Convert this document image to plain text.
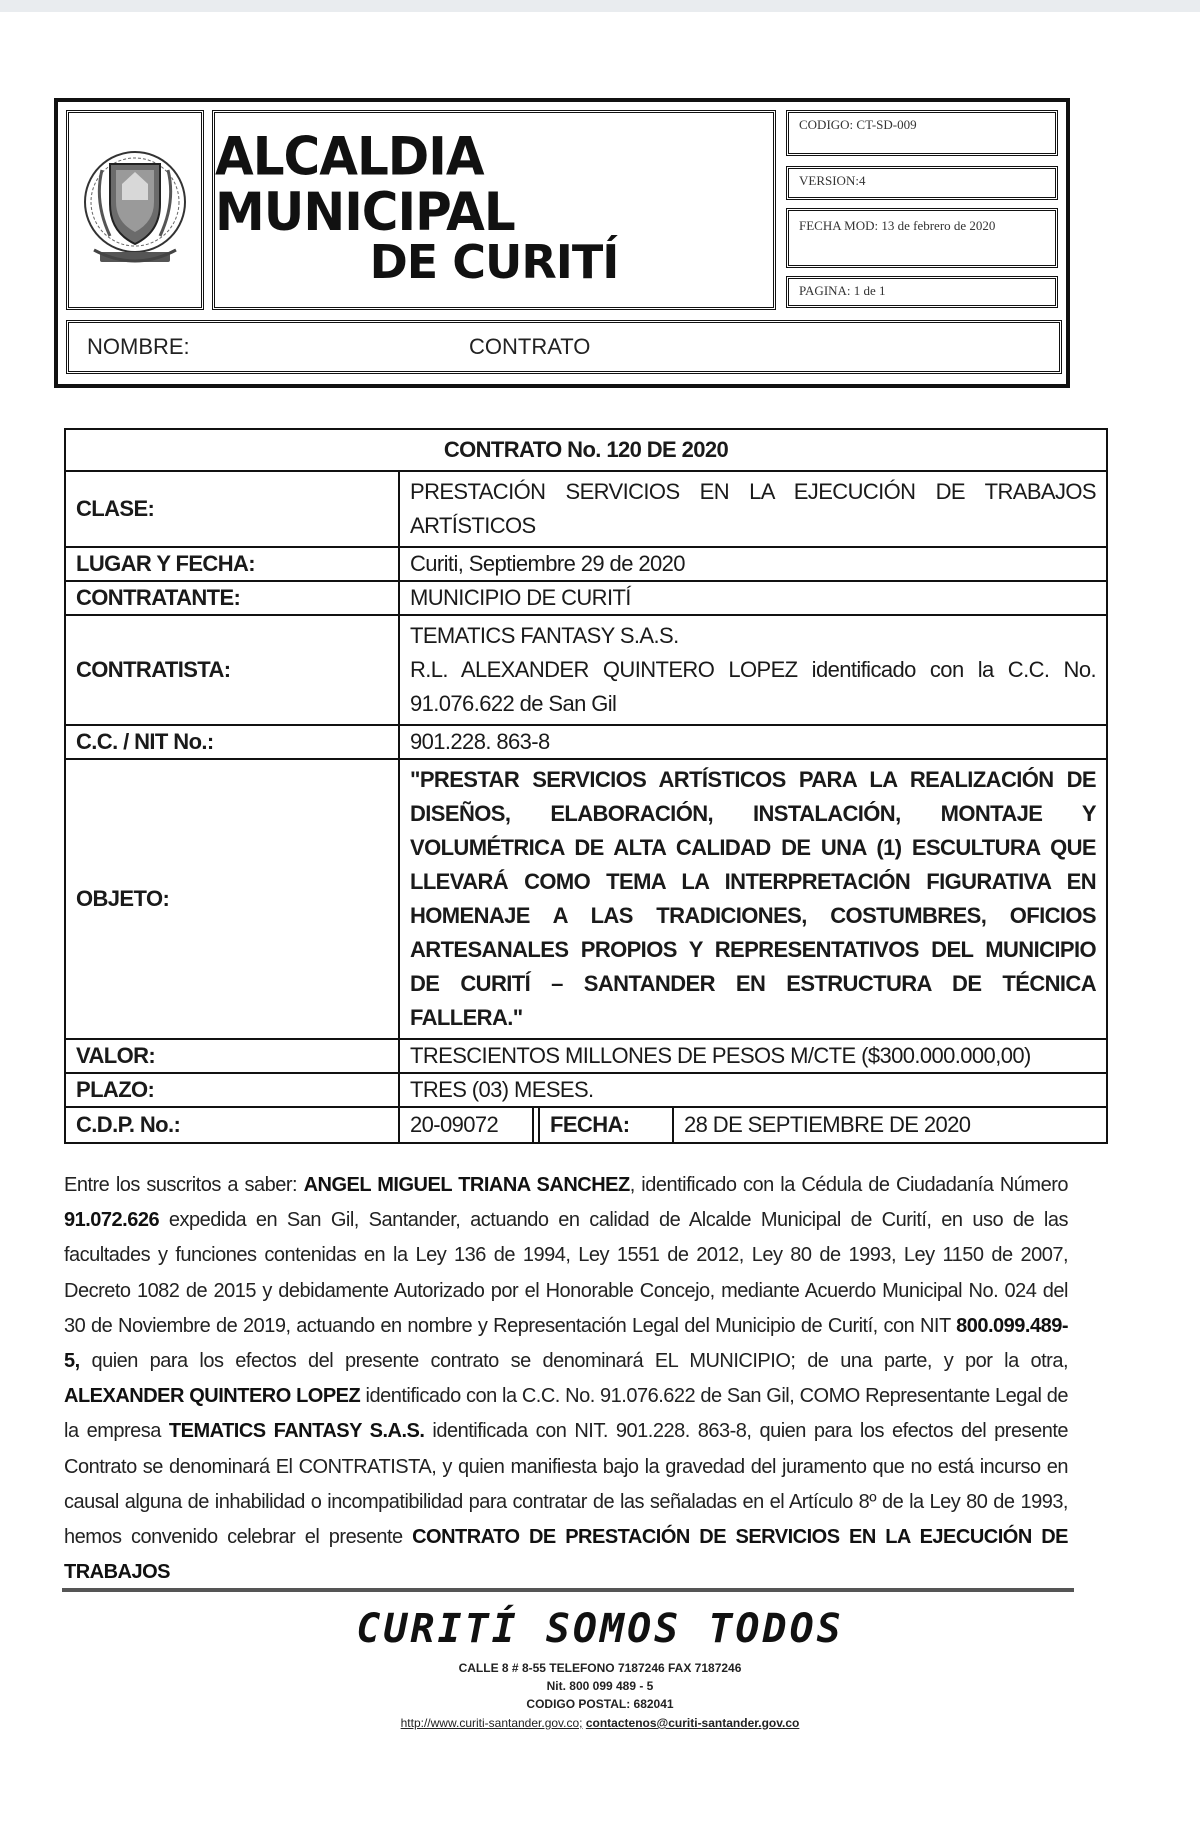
ALCALDIA MUNICIPAL
DE CURITÍ
CODIGO: CT-SD-009
VERSION:4
FECHA MOD: 13 de febrero de 2020
PAGINA: 1 de 1
NOMBRE:	CONTRATO
CONTRATO No. 120 DE 2020	
CLASE:	PRESTACIÓN SERVICIOS EN LA EJECUCIÓN DE TRABAJOS ARTÍSTICOS
LUGAR Y FECHA:	Curiti, Septiembre 29 de 2020
CONTRATANTE:	MUNICIPIO DE CURITÍ
CONTRATISTA:	TEMATICS FANTASY S.A.S.
R.L. ALEXANDER QUINTERO LOPEZ identificado con la C.C. No. 91.076.622 de San Gil

C.C. / NIT No.:	901.228. 863-8
OBJETO:	"PRESTAR SERVICIOS ARTÍSTICOS PARA LA REALIZACIÓN DE DISEÑOS, ELABORACIÓN, INSTALACIÓN, MONTAJE Y VOLUMÉTRICA DE ALTA CALIDAD DE UNA (1) ESCULTURA QUE LLEVARÁ COMO TEMA LA INTERPRETACIÓN FIGURATIVA EN HOMENAJE A LAS TRADICIONES, COSTUMBRES, OFICIOS ARTESANALES PROPIOS Y REPRESENTATIVOS DEL MUNICIPIO DE CURITÍ – SANTANDER EN ESTRUCTURA DE TÉCNICA FALLERA."
VALOR:	TRESCIENTOS MILLONES DE PESOS M/CTE ($300.000.000,00)
PLAZO:	TRES (03) MESES.
C.D.P. No.:	20-09072 FECHA: 28 DE SEPTIEMBRE DE 2020
Entre los suscritos a saber: ANGEL MIGUEL TRIANA SANCHEZ, identificado con la Cédula de Ciudadanía Número 91.072.626 expedida en San Gil, Santander, actuando en calidad de Alcalde Municipal de Curití, en uso de las facultades y funciones contenidas en la Ley 136 de 1994, Ley 1551 de 2012, Ley 80 de 1993, Ley 1150 de 2007, Decreto 1082 de 2015 y debidamente Autorizado por el Honorable Concejo, mediante Acuerdo Municipal No. 024 del 30 de Noviembre de 2019, actuando en nombre y Representación Legal del Municipio de Curití, con NIT 800.099.489-5, quien para los efectos del presente contrato se denominará EL MUNICIPIO; de una parte, y por la otra, ALEXANDER QUINTERO LOPEZ identificado con la C.C. No. 91.076.622 de San Gil, COMO Representante Legal de la empresa TEMATICS FANTASY S.A.S. identificada con NIT. 901.228. 863-8, quien para los efectos del presente Contrato se denominará El CONTRATISTA, y quien manifiesta bajo la gravedad del juramento que no está incurso en causal alguna de inhabilidad o incompatibilidad para contratar de las señaladas en el Artículo 8º de la Ley 80 de 1993, hemos convenido celebrar el presente CONTRATO DE PRESTACIÓN DE SERVICIOS EN LA EJECUCIÓN DE TRABAJOS
CURITÍ SOMOS TODOS
CALLE 8 # 8-55 TELEFONO 7187246 FAX 7187246
Nit. 800 099 489 - 5
CODIGO POSTAL: 682041
http://www.curiti-santander.gov.co; contactenos@curiti-santander.gov.co
